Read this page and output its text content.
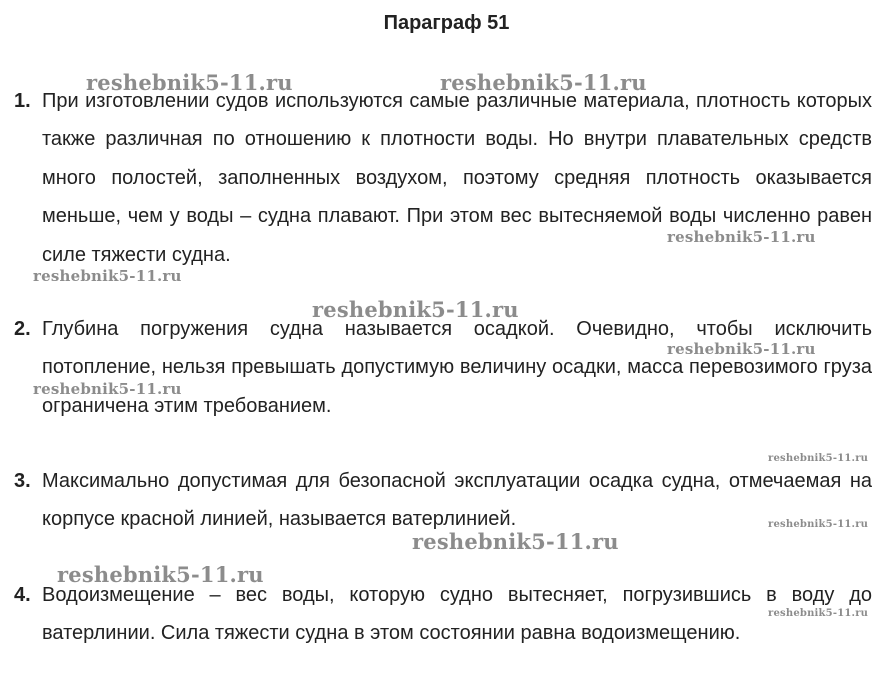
Параграф 51
1. При изготовлении судов используются самые различные материала, плотность которых также различная по отношению к плотности воды. Но внутри плавательных средств много полостей, заполненных воздухом, поэтому средняя плотность оказывается меньше, чем у воды – судна плавают. При этом вес вытесняемой воды численно равен силе тяжести судна.
2. Глубина погружения судна называется осадкой. Очевидно, чтобы исключить потопление, нельзя превышать допустимую величину осадки, масса перевозимого груза ограничена этим требованием.
3. Максимально допустимая для безопасной эксплуатации осадка судна, отмечаемая на корпусе красной линией, называется ватерлинией.
4. Водоизмещение – вес воды, которую судно вытесняет, погрузившись в воду до ватерлинии. Сила тяжести судна в этом состоянии равна водоизмещению.
reshebnik5-11.ru	reshebnik5-11.ru
reshebnik5-11.ru
reshebnik5-11.ru
reshebnik5-11.ru
reshebnik5-11.ru
reshebnik5-11.ru
reshebnik5-11.ru
reshebnik5-11.ru
reshebnik5-11.ru
reshebnik5-11.ru
reshebnik5-11.ru
